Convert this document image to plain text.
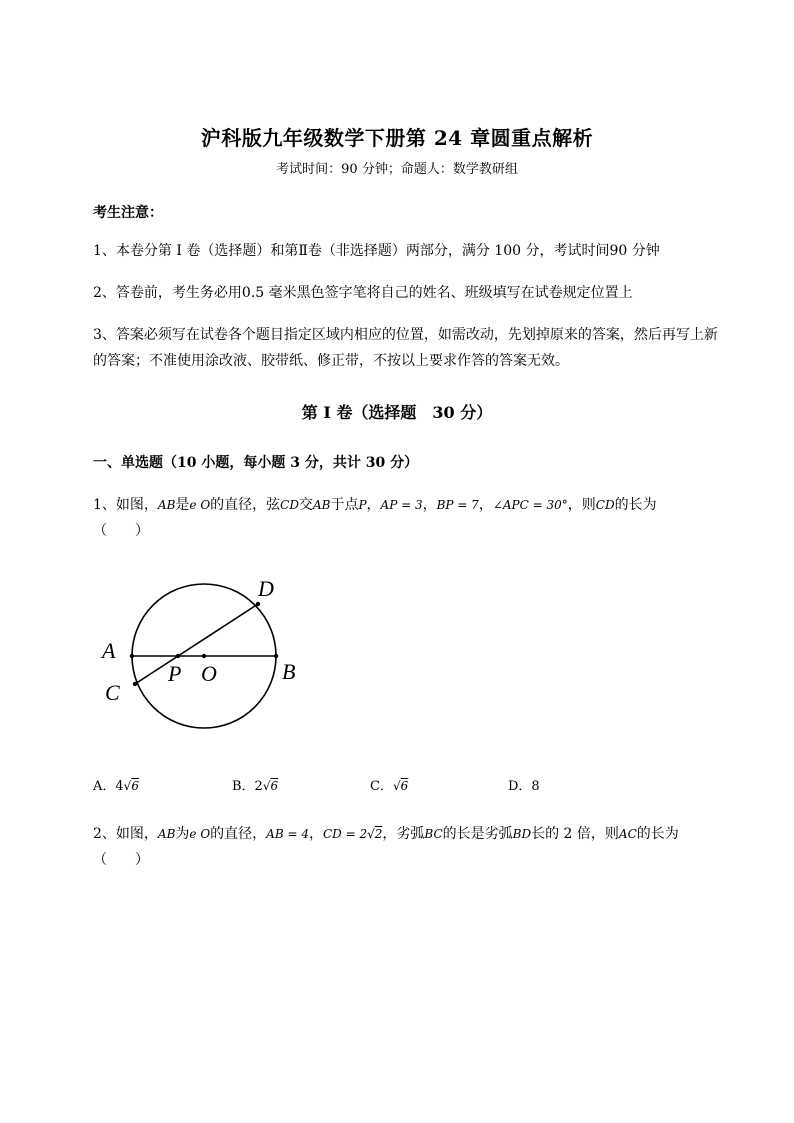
沪科版九年级数学下册第 24 章圆重点解析
考试时间：90 分钟；命题人：数学教研组
考生注意：
1、本卷分第 I 卷（选择题）和第Ⅱ卷（非选择题）两部分，满分 100 分，考试时间90 分钟
2、答卷前，考生务必用0.5 毫米黑色签字笔将自己的姓名、班级填写在试卷规定位置上
3、答案必须写在试卷各个题目指定区域内相应的位置，如需改动，先划掉原来的答案，然后再写上新
的答案；不准使用涂改液、胶带纸、修正带，不按以上要求作答的答案无效。
第 I 卷（选择题　30 分）
一、单选题（10 小题，每小题 3 分，共计 30 分）
1、如图，AB是e O的直径，弦CD交AB于点P，AP = 3，BP = 7，∠APC = 30°，则CD的长为
（　　）
A
B
C
D
P O
A．4√6	B．2√6	C．√6	D．8
2、如图，AB为e O的直径，AB = 4，CD = 2√2，劣弧BC的长是劣弧BD长的 2 倍，则AC的长为
（　　）
